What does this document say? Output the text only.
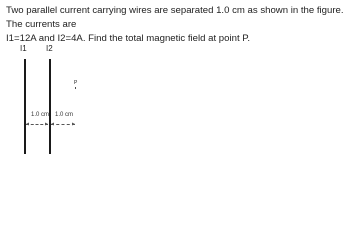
Two parallel current carrying wires are separated 1.0 cm as shown in the figure. The currents are

I1=12A and I2=4A. Find the total magnetic field at point P.

I1 I2
P
1.0 cm 1.0 cm
